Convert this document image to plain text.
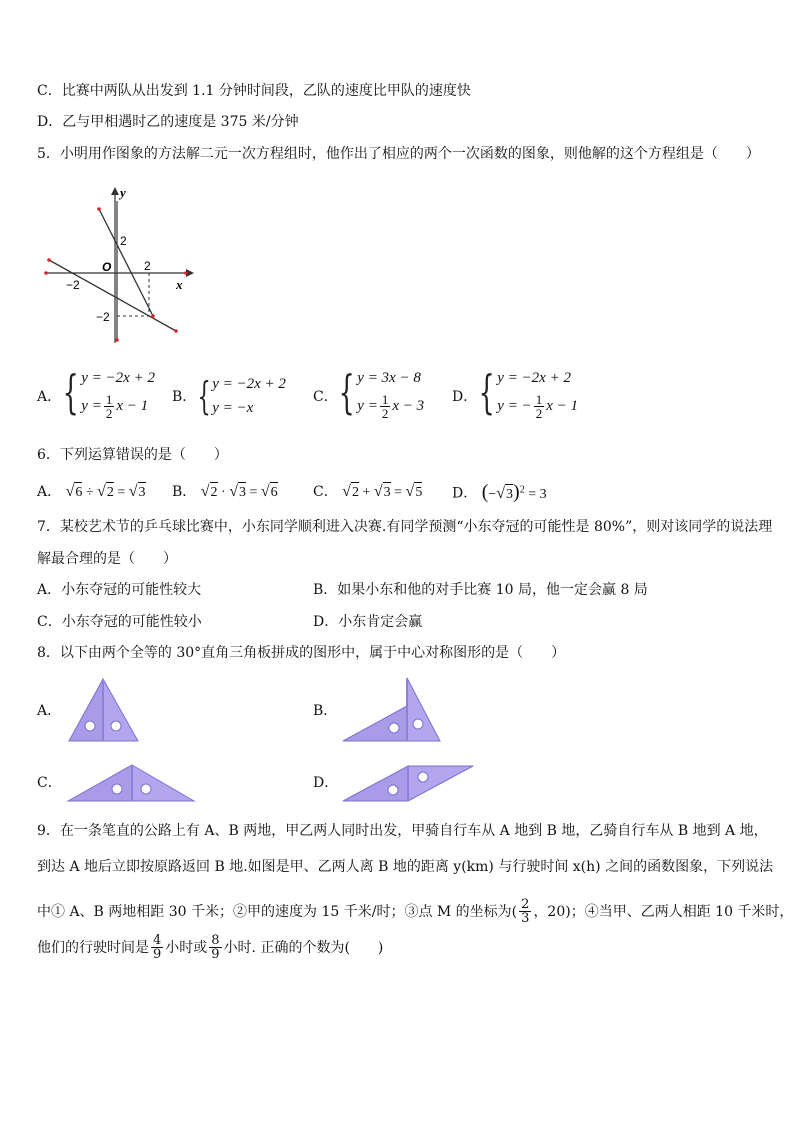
C．比赛中两队从出发到 1.1 分钟时间段，乙队的速度比甲队的速度快
D．乙与甲相遇时乙的速度是 375 米/分钟
5．小明用作图象的方法解二元一次方程组时，他作出了相应的两个一次函数的图象，则他解的这个方程组是（　　）
y
x
O
2
2
−2
−2
A． { y = −2x + 2
$y = \frac{1}{2}$ x − 1
B． { y = −2x + 2
y = −x
C． { y = 3x − 8
$y = \frac{1}{2}$ x − 3
D． { y = −2x + 2
y = − $\frac{1}{2}$ x − 1
6．下列运算错误的是（　　）
A． √6 ÷ √2 = √3 B． √2 · √3 = √6	C． √2 + √3 = √5 D． $(-√3)^2 = 3$
7．某校艺术节的乒乓球比赛中，小东同学顺利进入决赛.有同学预测“小东夺冠的可能性是 80%”，则对该同学的说法理
解最合理的是（　　）
A．小东夺冠的可能性较大	B．如果小东和他的对手比赛 10 局，他一定会赢 8 局
C．小东夺冠的可能性较小	D．小东肯定会赢
8．以下由两个全等的 30°直角三角板拼成的图形中，属于中心对称图形的是（　　）
A．	B．
C．	D．
9．在一条笔直的公路上有 A、B 两地，甲乙两人同时出发，甲骑自行车从 A 地到 B 地，乙骑自行车从 B 地到 A 地，
到达 A 地后立即按原路返回 B 地.如图是甲、乙两人离 B 地的距离 y(km) 与行驶时间 x(h) 之间的函数图象，下列说法
中① A、B 两地相距 30 千米；②甲的速度为 15 千米/时；③点 M 的坐标为( $\frac{2}{3}$ ，20)；④当甲、乙两人相距 10 千米时，
他们的行驶时间是 $\frac{4}{9}$ 小时或 $\frac{8}{9}$ 小时. 正确的个数为(　　)
